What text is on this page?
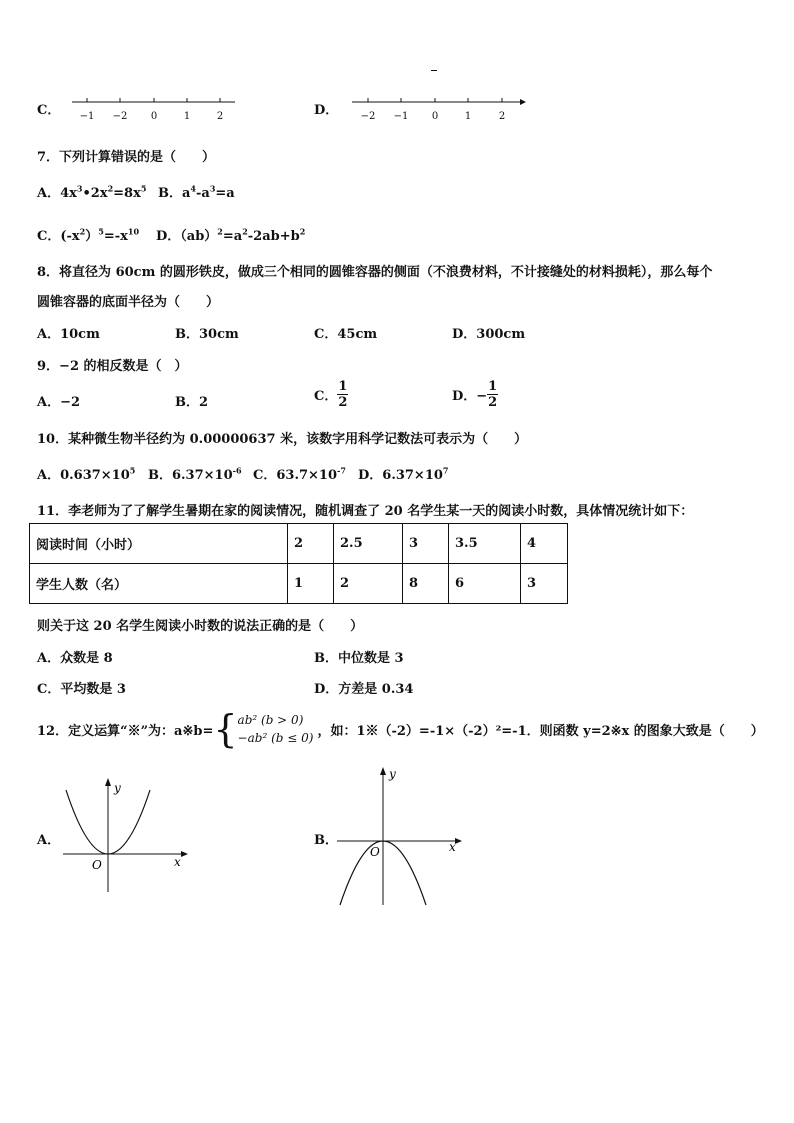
C． −1 −2 0	1	2	D． −2 −1 0	1	2
7．下列计算错误的是（　　）
A．$4x^3•2x^2=8x^5$ B．$a^4-a^3=a$
C．$(-x^2)^5=-x^{10}$ D．$(ab)^2=a^2-2ab+b^2$
8．将直径为 60cm 的圆形铁皮，做成三个相同的圆锥容器的侧面（不浪费材料，不计接缝处的材料损耗），那么每个
圆锥容器的底面半径为（　　）
A．10cm	B．30cm	C．45cm	D．300cm
9．−2 的相反数是（　）
A．−2	B．2	C． $\frac{1}{2}$	D．− $\frac{1}{2}$
10．某种微生物半径约为 0.00000637 米，该数字用科学记数法可表示为（　　）
A．$0.637\times 10^5$ B．$6.37\times 10^{-6}$ C．$63.7\times 10^{-7}$ D．$6.37\times 10^7$
11．李老师为了了解学生暑期在家的阅读情况，随机调查了 20 名学生某一天的阅读小时数，具体情况统计如下：
阅读时间（小时）	2	2.5	3	3.5	4
学生人数（名）	1	2	8	6	3
则关于这 20 名学生阅读小时数的说法正确的是（　　）
A．众数是 8	B．中位数是 3
C．平均数是 3	D．方差是 0.34
12．定义运算“※”为：a※b= { ab² (b > 0)
−ab² (b ≤ 0) ，如：1※（-2）=-1×（-2）²=-1．则函数 y=2※x 的图象大致是（　　）
A．
y
x
O
B．
y
x
O
